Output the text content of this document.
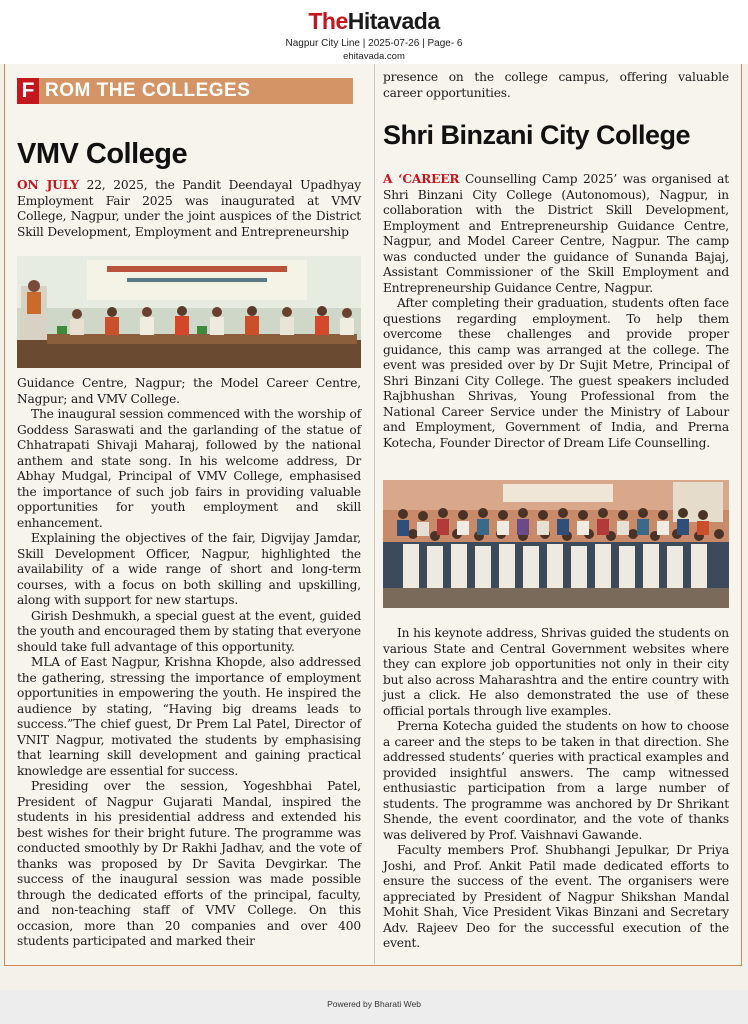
TheHitavada
Nagpur City Line | 2025-07-26 | Page- 6
ehitavada.com
F ROM THE COLLEGES
VMV College

ON JULY 22, 2025, the Pandit Deendayal Upadhyay Employment Fair 2025 was inaugurated at VMV College, Nagpur, under the joint auspices of the District Skill Development, Employment and Entrepreneurship

Guidance Centre, Nagpur; the Model Career Centre, Nagpur; and VMV College.

The inaugural session commenced with the worship of Goddess Saraswati and the garlanding of the statue of Chhatrapati Shivaji Maharaj, followed by the national anthem and state song. In his welcome address, Dr Abhay Mudgal, Principal of VMV College, emphasised the importance of such job fairs in providing valuable opportunities for youth employment and skill enhancement.

Explaining the objectives of the fair, Digvijay Jamdar, Skill Development Officer, Nagpur, highlighted the availability of a wide range of short and long-term courses, with a focus on both skilling and upskilling, along with support for new startups.

Girish Deshmukh, a special guest at the event, guided the youth and encouraged them by stating that everyone should take full advantage of this opportunity.

MLA of East Nagpur, Krishna Khopde, also addressed the gathering, stressing the importance of employment opportunities in empowering the youth. He inspired the audience by stating, “Having big dreams leads to success.”The chief guest, Dr Prem Lal Patel, Director of VNIT Nagpur, motivated the students by emphasising that learning skill development and gaining practical knowledge are essential for success.

Presiding over the session, Yogeshbhai Patel, President of Nagpur Gujarati Mandal, inspired the students in his presidential address and extended his best wishes for their bright future. The programme was conducted smoothly by Dr Rakhi Jadhav, and the vote of thanks was proposed by Dr Savita Devgirkar. The success of the inaugural session was made possible through the dedicated efforts of the principal, faculty, and non-teaching staff of VMV College. On this occasion, more than 20 companies and over 400 students participated and marked their

presence on the college campus, offering valuable career opportunities.

Shri Binzani City College

A ‘CAREER Counselling Camp 2025’ was organised at Shri Binzani City College (Autonomous), Nagpur, in collaboration with the District Skill Development, Employment and Entrepreneurship Guidance Centre, Nagpur, and Model Career Centre, Nagpur. The camp was conducted under the guidance of Sunanda Bajaj, Assistant Commissioner of the Skill Employment and Entrepreneurship Guidance Centre, Nagpur.

After completing their graduation, students often face questions regarding employment. To help them overcome these challenges and provide proper guidance, this camp was arranged at the college. The event was presided over by Dr Sujit Metre, Principal of Shri Binzani City College. The guest speakers included Rajbhushan Shrivas, Young Professional from the National Career Service under the Ministry of Labour and Employment, Government of India, and Prerna Kotecha, Founder Director of Dream Life Counselling.

In his keynote address, Shrivas guided the students on various State and Central Government websites where they can explore job opportunities not only in their city but also across Maharashtra and the entire country with just a click. He also demonstrated the use of these official portals through live examples.

Prerna Kotecha guided the students on how to choose a career and the steps to be taken in that direction. She addressed students’ queries with practical examples and provided insightful answers. The camp witnessed enthusiastic participation from a large number of students. The programme was anchored by Dr Shrikant Shende, the event coordinator, and the vote of thanks was delivered by Prof. Vaishnavi Gawande.

Faculty members Prof. Shubhangi Jepulkar, Dr Priya Joshi, and Prof. Ankit Patil made dedicated efforts to ensure the success of the event. The organisers were appreciated by President of Nagpur Shikshan Mandal Mohit Shah, Vice President Vikas Binzani and Secretary Adv. Rajeev Deo for the successful execution of the event.

Powered by Bharati Web
